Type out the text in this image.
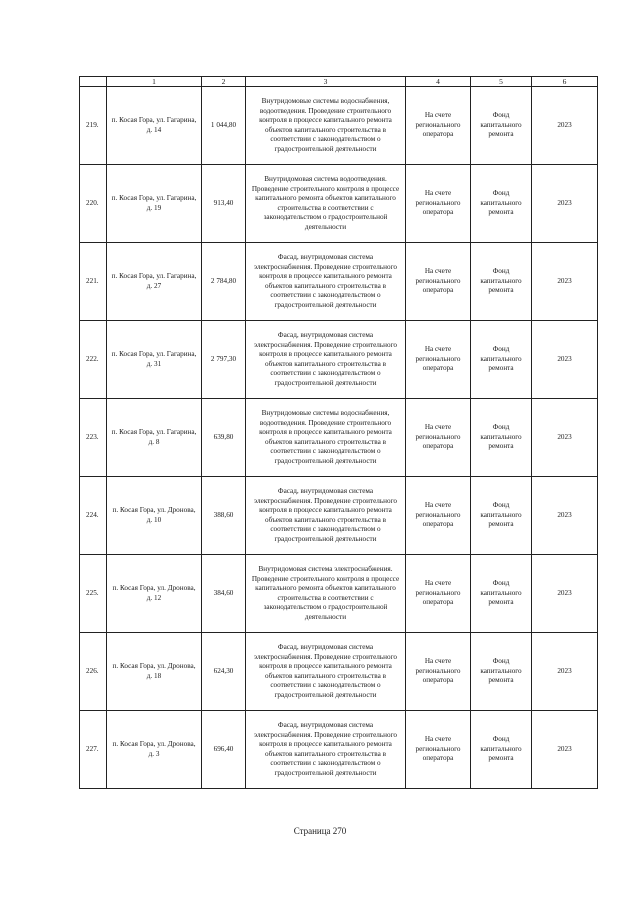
	1	2	3	4	5	6
219.	п. Косая Гора, ул. Гагарина, д. 14	1 044,80	Внутридомовые системы водоснабжения, водоотведения. Проведение строительного контроля в процессе капитального ремонта объектов капитального строительства в соответствии с законодательством о градостроительной деятельности	На счете регионального оператора	Фонд капитального ремонта	2023
220.	п. Косая Гора, ул. Гагарина, д. 19	913,40	Внутридомовая система водоотведения. Проведение строительного контроля в процессе капитального ремонта объектов капитального строительства в соответствии с законодательством о градостроительной деятельности	На счете регионального оператора	Фонд капитального ремонта	2023
221.	п. Косая Гора, ул. Гагарина, д. 27	2 784,80	Фасад, внутридомовая система электроснабжения. Проведение строительного контроля в процессе капитального ремонта объектов капитального строительства в соответствии с законодательством о градостроительной деятельности	На счете регионального оператора	Фонд капитального ремонта	2023
222.	п. Косая Гора, ул. Гагарина, д. 31	2 797,30	Фасад, внутридомовая система электроснабжения. Проведение строительного контроля в процессе капитального ремонта объектов капитального строительства в соответствии с законодательством о градостроительной деятельности	На счете регионального оператора	Фонд капитального ремонта	2023
223.	п. Косая Гора, ул. Гагарина, д. 8	639,80	Внутридомовые системы водоснабжения, водоотведения. Проведение строительного контроля в процессе капитального ремонта объектов капитального строительства в соответствии с законодательством о градостроительной деятельности	На счете регионального оператора	Фонд капитального ремонта	2023
224.	п. Косая Гора, ул. Дронова, д. 10	388,60	Фасад, внутридомовая система электроснабжения. Проведение строительного контроля в процессе капитального ремонта объектов капитального строительства в соответствии с законодательством о градостроительной деятельности	На счете регионального оператора	Фонд капитального ремонта	2023
225.	п. Косая Гора, ул. Дронова, д. 12	384,60	Внутридомовая система электроснабжения. Проведение строительного контроля в процессе капитального ремонта объектов капитального строительства в соответствии с законодательством о градостроительной деятельности	На счете регионального оператора	Фонд капитального ремонта	2023
226.	п. Косая Гора, ул. Дронова, д. 18	624,30	Фасад, внутридомовая система электроснабжения. Проведение строительного контроля в процессе капитального ремонта объектов капитального строительства в соответствии с законодательством о градостроительной деятельности	На счете регионального оператора	Фонд капитального ремонта	2023
227.	п. Косая Гора, ул. Дронова, д. 3	696,40	Фасад, внутридомовая система электроснабжения. Проведение строительного контроля в процессе капитального ремонта объектов капитального строительства в соответствии с законодательством о градостроительной деятельности	На счете регионального оператора	Фонд капитального ремонта	2023
Страница 270
